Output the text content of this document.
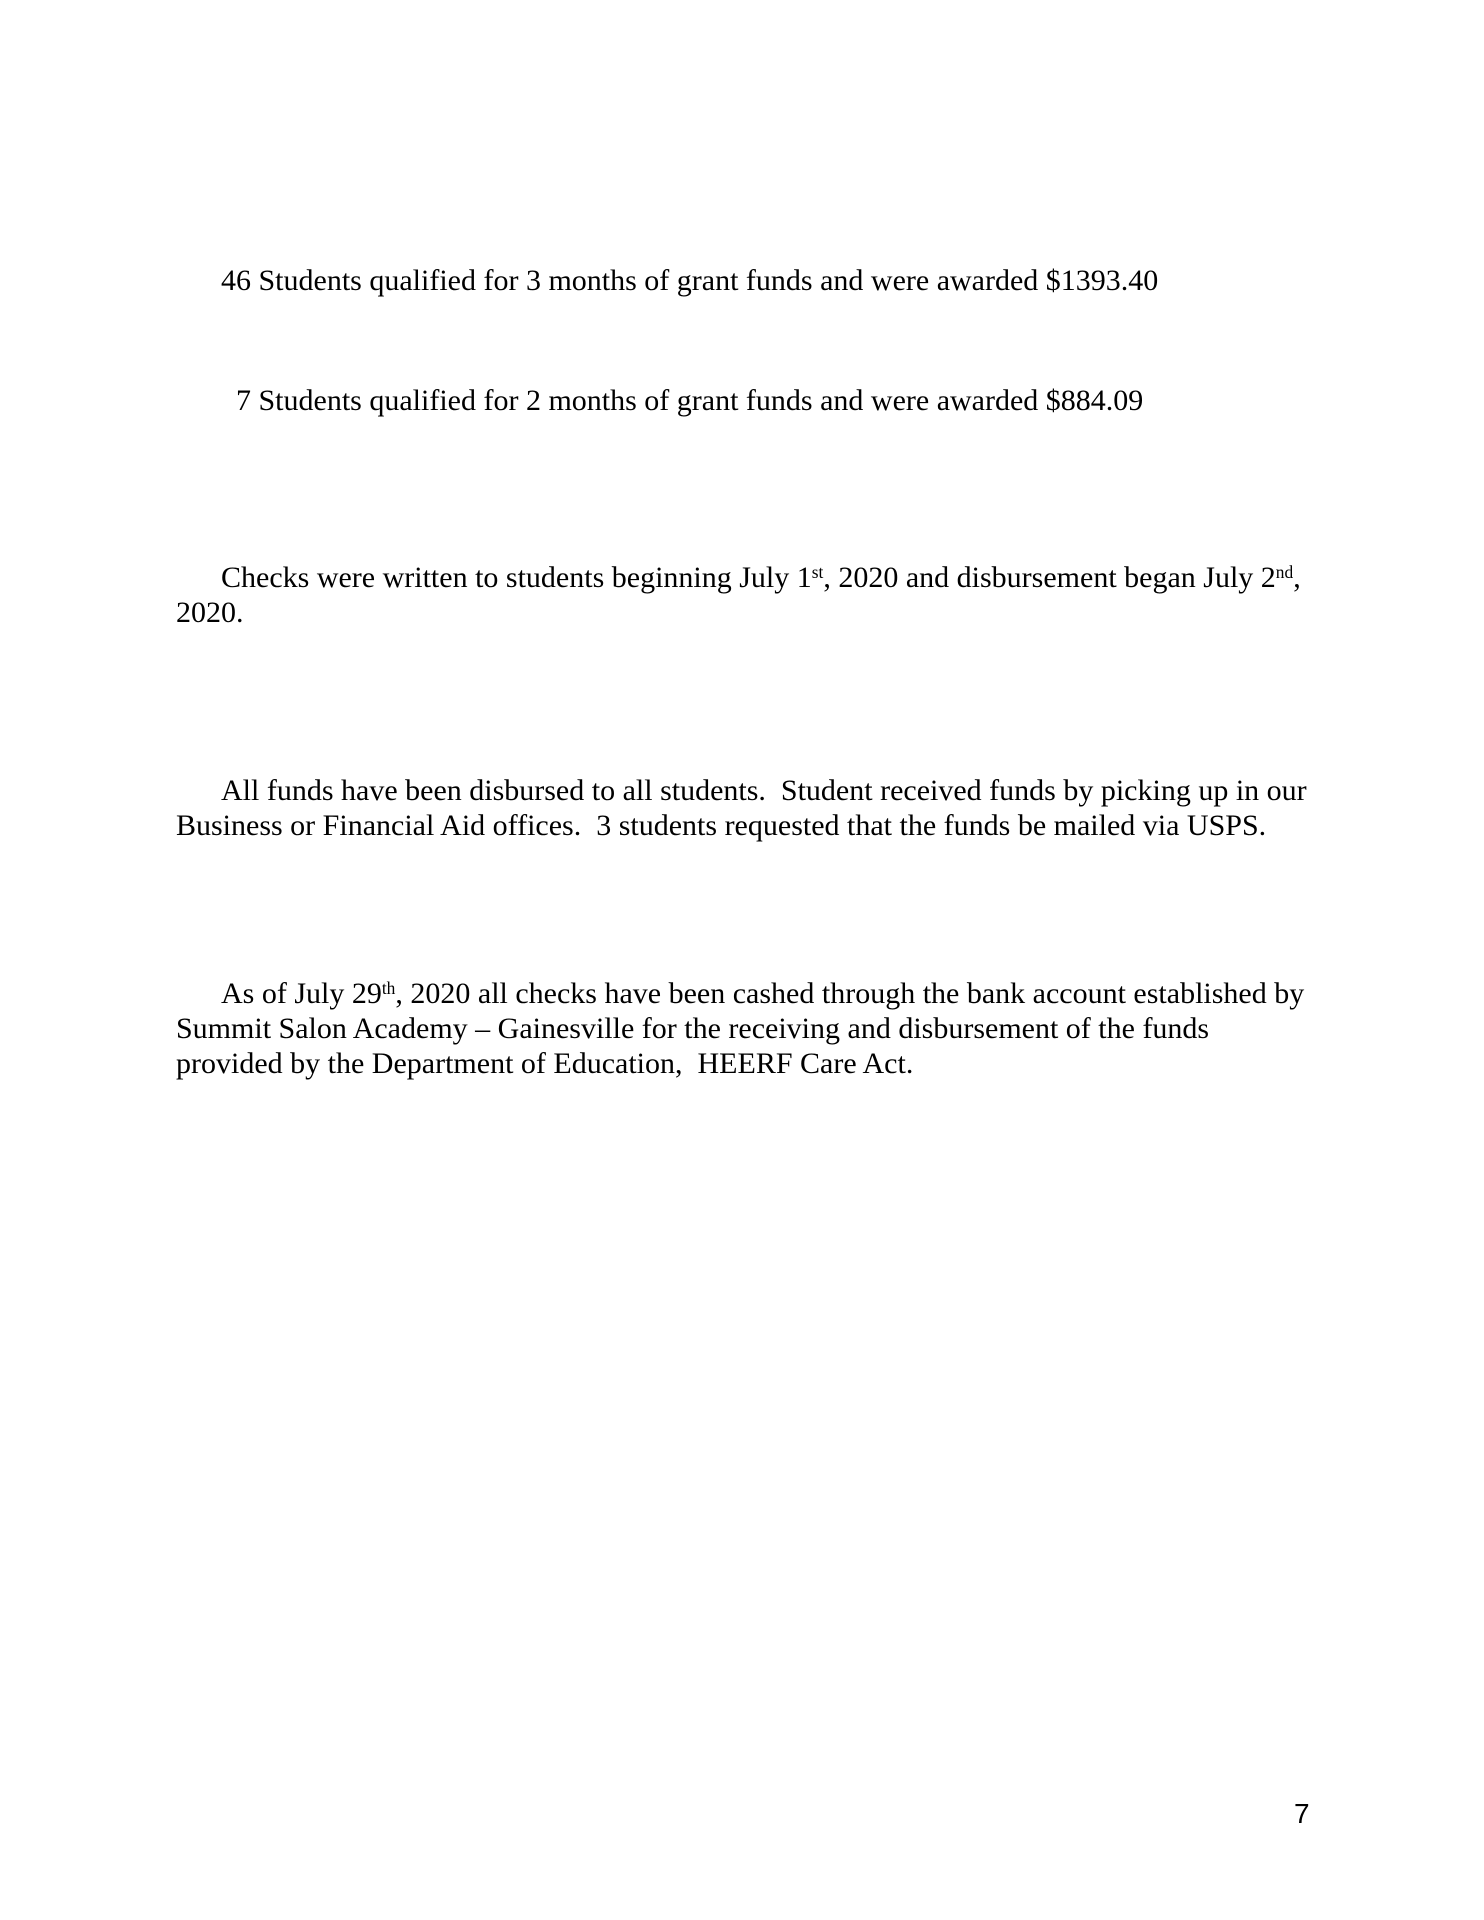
46 Students qualified for 3 months of grant funds and were awarded $1393.40

7 Students qualified for 2 months of grant funds and were awarded $884.09

Checks were written to students beginning July 1st, 2020 and disbursement began July 2nd, 2020.

All funds have been disbursed to all students.  Student received funds by picking up in our Business or Financial Aid offices.  3 students requested that the funds be mailed via USPS.

As of July 29th, 2020 all checks have been cashed through the bank account established by Summit Salon Academy – Gainesville for the receiving and disbursement of the funds provided by the Department of Education,  HEERF Care Act.

7
